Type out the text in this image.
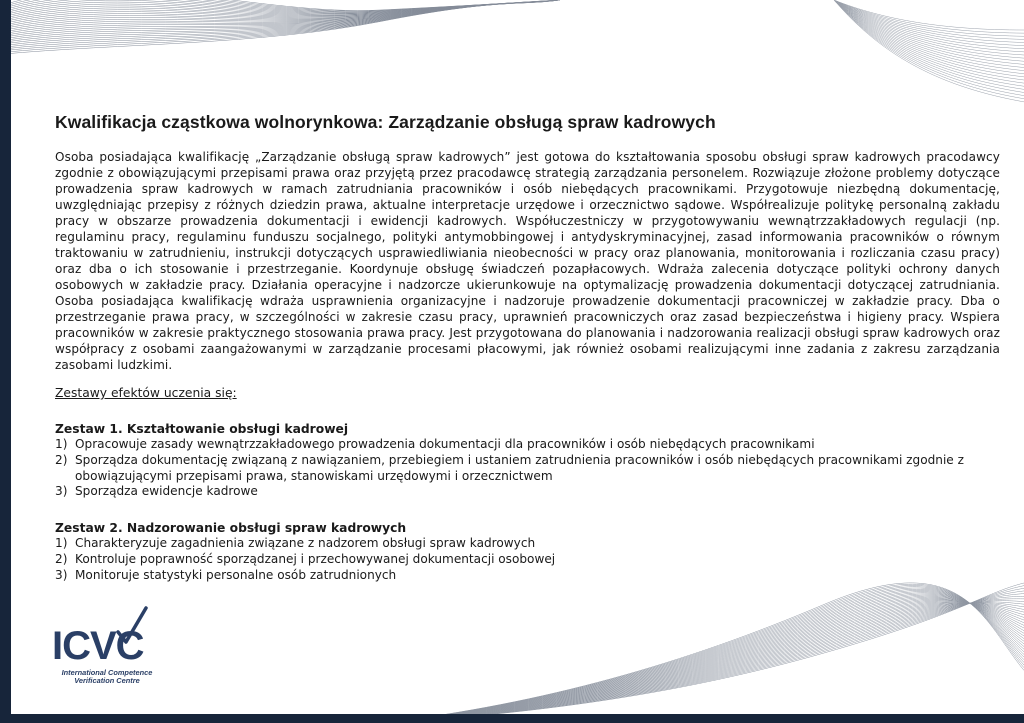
Kwalifikacja cząstkowa wolnorynkowa: Zarządzanie obsługą spraw kadrowych

Osoba posiadająca kwalifikację „Zarządzanie obsługą spraw kadrowych” jest gotowa do kształtowania sposobu obsługi spraw kadrowych pracodawcy zgodnie z obowiązującymi przepisami prawa oraz przyjętą przez pracodawcę strategią zarządzania personelem. Rozwiązuje złożone problemy dotyczące prowadzenia spraw kadrowych w ramach zatrudniania pracowników i osób niebędących pracownikami. Przygotowuje niezbędną dokumentację, uwzględniając przepisy z różnych dziedzin prawa, aktualne interpretacje urzędowe i orzecznictwo sądowe. Współrealizuje politykę personalną zakładu pracy w obszarze prowadzenia dokumentacji i ewidencji kadrowych. Współuczestniczy w przygotowywaniu wewnątrzzakładowych regulacji (np. regulaminu pracy, regulaminu funduszu socjalnego, polityki antymobbingowej i antydyskryminacyjnej, zasad informowania pracowników o równym traktowaniu w zatrudnieniu, instrukcji dotyczących usprawiedliwiania nieobecności w pracy oraz planowania, monitorowania i rozliczania czasu pracy) oraz dba o ich stosowanie i przestrzeganie. Koordynuje obsługę świadczeń pozapłacowych. Wdraża zalecenia dotyczące polityki ochrony danych osobowych w zakładzie pracy. Działania operacyjne i nadzorcze ukierunkowuje na optymalizację prowadzenia dokumentacji dotyczącej zatrudniania. Osoba posiadająca kwalifikację wdraża usprawnienia organizacyjne i nadzoruje prowadzenie dokumentacji pracowniczej w zakładzie pracy. Dba o przestrzeganie prawa pracy, w szczególności w zakresie czasu pracy, uprawnień pracowniczych oraz zasad bezpieczeństwa i higieny pracy. Wspiera pracowników w zakresie praktycznego stosowania prawa pracy. Jest przygotowana do planowania i nadzorowania realizacji obsługi spraw kadrowych oraz współpracy z osobami zaangażowanymi w zarządzanie procesami płacowymi, jak również osobami realizującymi inne zadania z zakresu zarządzania zasobami ludzkimi.

Zestawy efektów uczenia się:

Zestaw 1. Kształtowanie obsługi kadrowej

1) Opracowuje zasady wewnątrzzakładowego prowadzenia dokumentacji dla pracowników i osób niebędących pracownikami
2) Sporządza dokumentację związaną z nawiązaniem, przebiegiem i ustaniem zatrudnienia pracowników i osób niebędących pracownikami zgodnie z obowiązującymi przepisami prawa, stanowiskami urzędowymi i orzecznictwem
3) Sporządza ewidencje kadrowe

Zestaw 2. Nadzorowanie obsługi spraw kadrowych

1) Charakteryzuje zagadnienia związane z nadzorem obsługi spraw kadrowych
2) Kontroluje poprawność sporządzanej i przechowywanej dokumentacji osobowej
3) Monitoruje statystyki personalne osób zatrudnionych
ICVC
International Competence
Verification Centre
